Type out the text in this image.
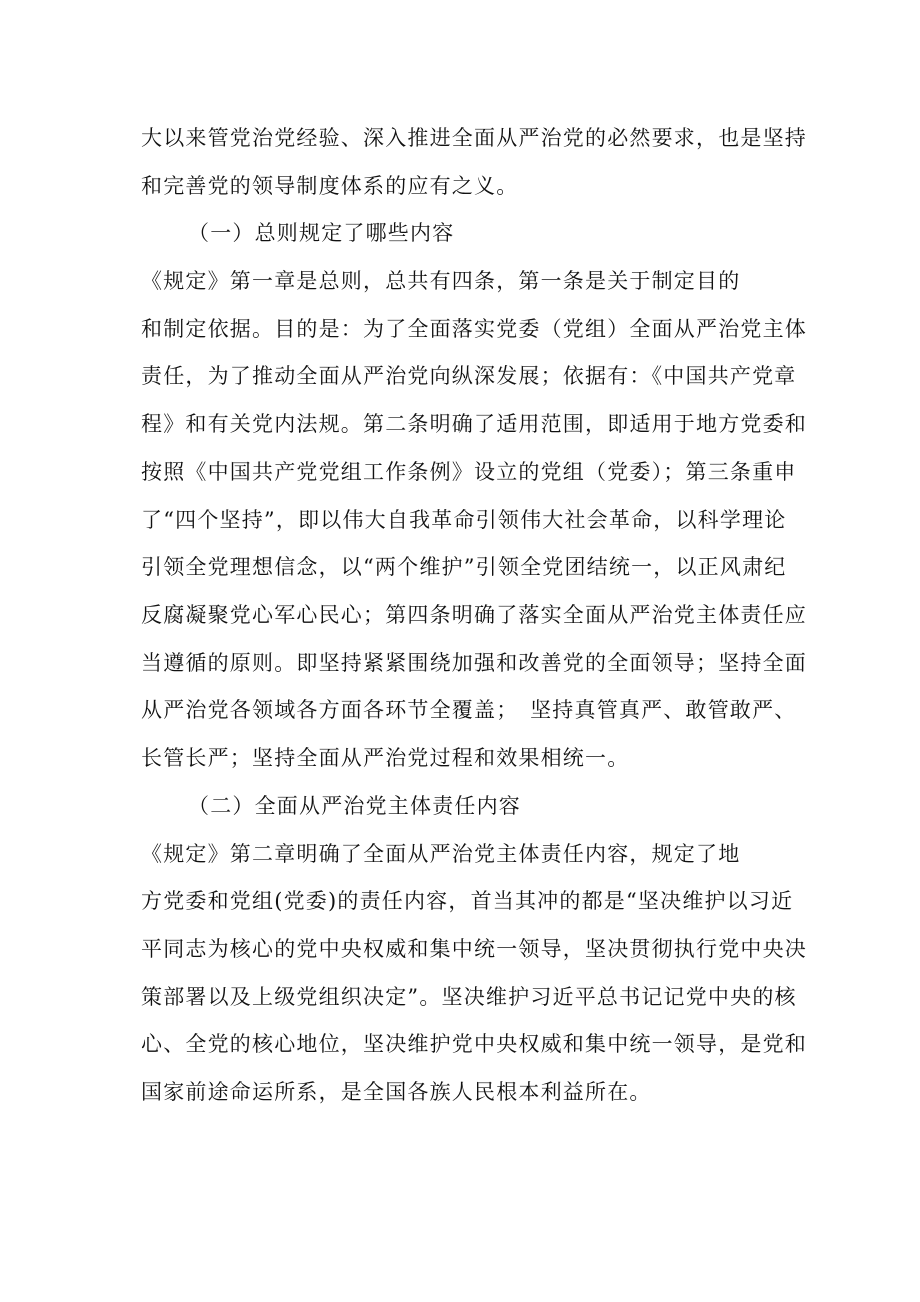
大以来管党治党经验、深入推进全面从严治党的必然要求，也是坚持
和完善党的领导制度体系的应有之义。
（一）总则规定了哪些内容
《规定》第一章是总则，总共有四条，第一条是关于制定目的
和制定依据。目的是：为了全面落实党委（党组）全面从严治党主体
责任，为了推动全面从严治党向纵深发展；依据有：《中国共产党章
程》和有关党内法规。第二条明确了适用范围，即适用于地方党委和
按照《中国共产党党组工作条例》设立的党组（党委）；第三条重申
了“四个坚持”，即以伟大自我革命引领伟大社会革命，以科学理论
引领全党理想信念，以“两个维护”引领全党团结统一，以正风肃纪
反腐凝聚党心军心民心；第四条明确了落实全面从严治党主体责任应
当遵循的原则。即坚持紧紧围绕加强和改善党的全面领导；坚持全面
从严治党各领域各方面各环节全覆盖；　坚持真管真严、敢管敢严、
长管长严；坚持全面从严治党过程和效果相统一。
（二）全面从严治党主体责任内容
《规定》第二章明确了全面从严治党主体责任内容，规定了地
方党委和党组(党委)的责任内容，首当其冲的都是“坚决维护以习近
平同志为核心的党中央权威和集中统一领导，坚决贯彻执行党中央决
策部署以及上级党组织决定”。坚决维护习近平总书记记党中央的核
心、全党的核心地位，坚决维护党中央权威和集中统一领导，是党和
国家前途命运所系，是全国各族人民根本利益所在。
